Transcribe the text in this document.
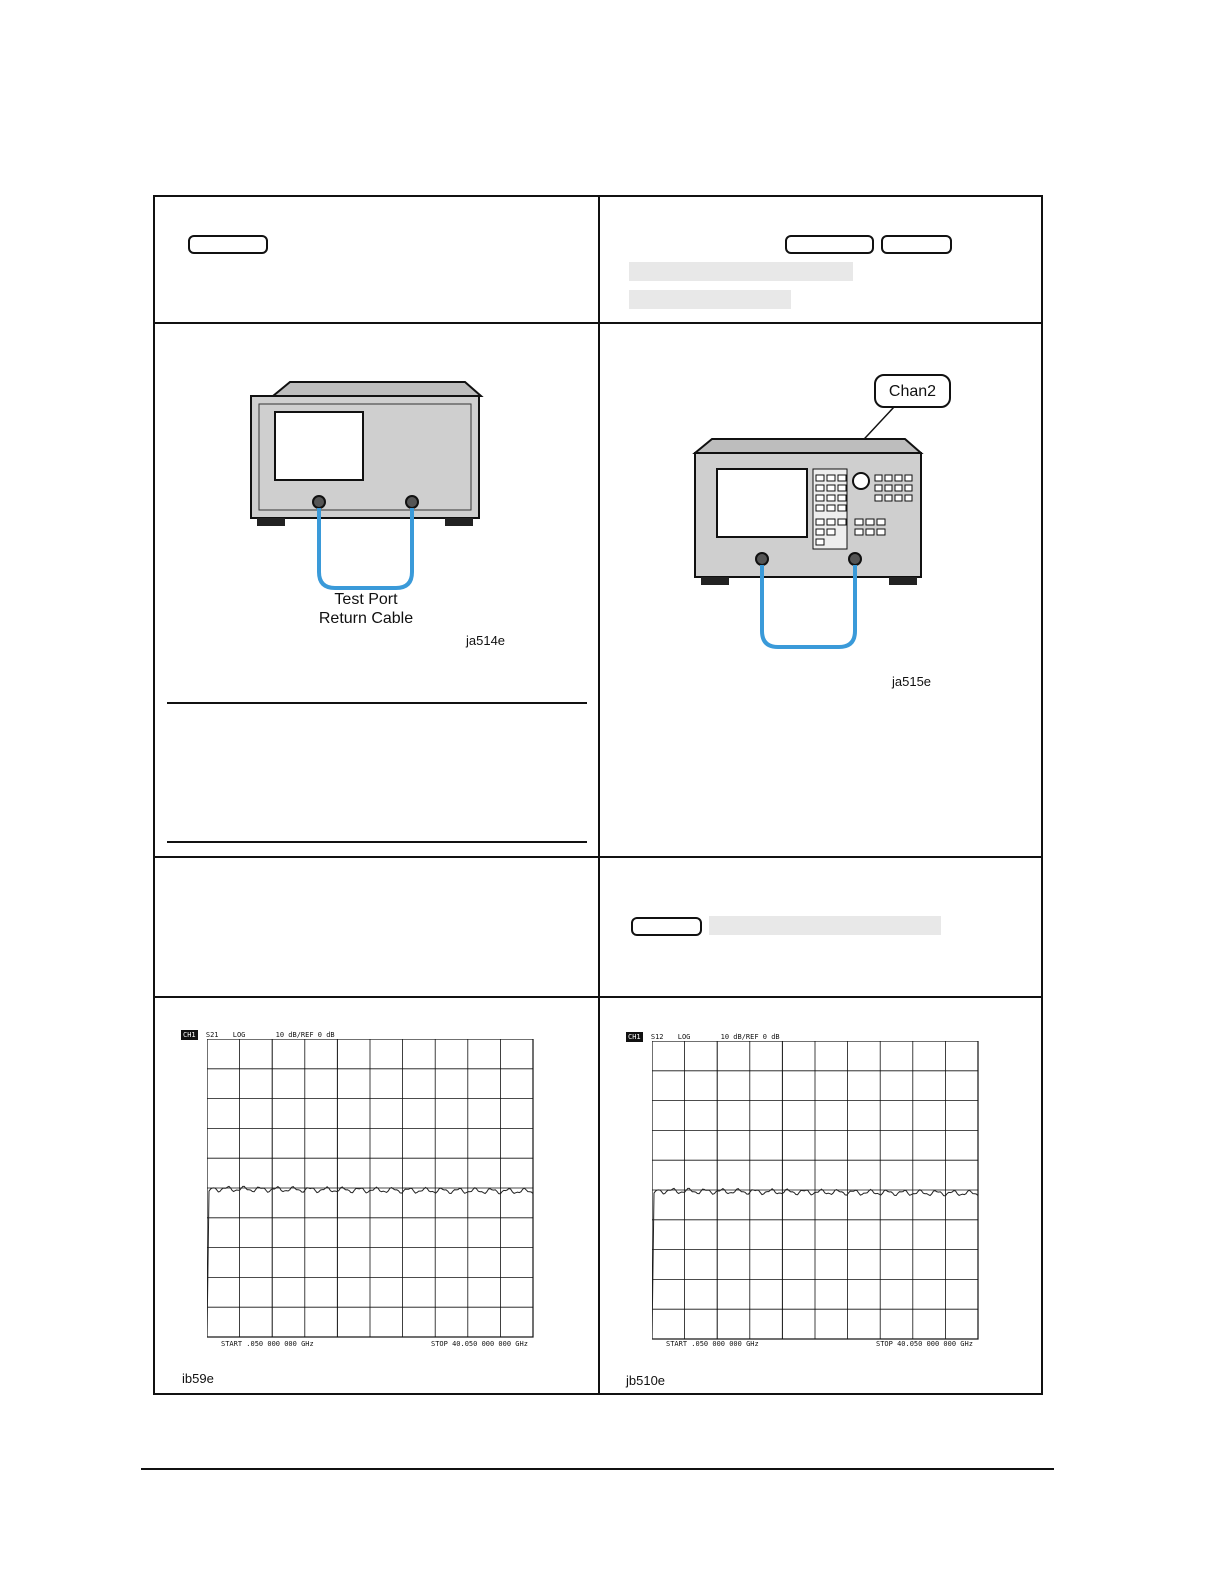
Test Port
Return Cable
ja514e
Chan2
ja515e
CH1 S21 LOG	10 dB/REF 0 dB
START .050 000 000 GHz	STOP 40.050 000 000 GHz
ib59e
CH1 S12 LOG	10 dB/REF 0 dB
START .050 000 000 GHz	STOP 40.050 000 000 GHz
jb510e
